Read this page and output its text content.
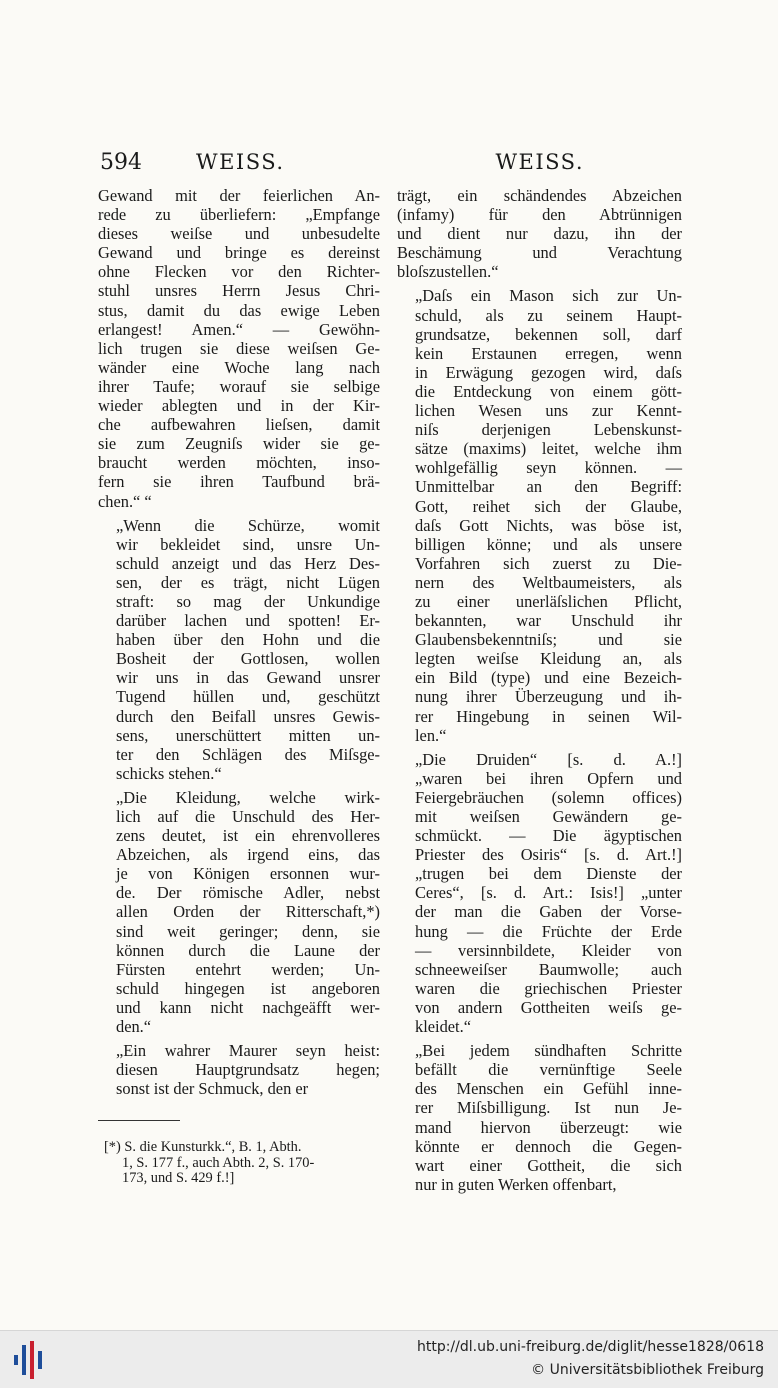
594	WEISS.	WEISS.

Gewand mit der feierlichen An-
rede zu überliefern: „Empfange
dieses weiſse und unbesudelte
Gewand und bringe es dereinst
ohne Flecken vor den Richter-
stuhl unsres Herrn Jesus Chri-
stus, damit du das ewige Leben
erlangest! Amen.“ — Gewöhn-
lich trugen sie diese weiſsen Ge-
wänder eine Woche lang nach
ihrer Taufe; worauf sie selbige
wieder ablegten und in der Kir-
che aufbewahren lieſsen, damit
sie zum Zeugniſs wider sie ge-
braucht werden möchten, inso-
fern sie ihren Taufbund brä-
chen.“ “

„Wenn die Schürze, womit
wir bekleidet sind, unsre Un-
schuld anzeigt und das Herz Des-
sen, der es trägt, nicht Lügen
straft: so mag der Unkundige
darüber lachen und spotten! Er-
haben über den Hohn und die
Bosheit der Gottlosen, wollen
wir uns in das Gewand unsrer
Tugend hüllen und, geschützt
durch den Beifall unsres Gewis-
sens, unerschüttert mitten un-
ter den Schlägen des Miſsge-
schicks stehen.“

„Die Kleidung, welche wirk-
lich auf die Unschuld des Her-
zens deutet, ist ein ehrenvolleres
Abzeichen, als irgend eins, das
je von Königen ersonnen wur-
de. Der römische Adler, nebst
allen Orden der Ritterschaft,*)
sind weit geringer; denn, sie
können durch die Laune der
Fürsten entehrt werden; Un-
schuld hingegen ist angeboren
und kann nicht nachgeäfft wer-
den.“

„Ein wahrer Maurer seyn heist:
diesen Hauptgrundsatz hegen;
sonst ist der Schmuck, den er

trägt, ein schändendes Abzeichen
(infamy) für den Abtrünnigen
und dient nur dazu, ihn der
Beschämung und Verachtung
bloſszustellen.“

„Daſs ein Mason sich zur Un-
schuld, als zu seinem Haupt-
grundsatze, bekennen soll, darf
kein Erstaunen erregen, wenn
in Erwägung gezogen wird, daſs
die Entdeckung von einem gött-
lichen Wesen uns zur Kennt-
niſs derjenigen Lebenskunst-
sätze (maxims) leitet, welche ihm
wohlgefällig seyn können. —
Unmittelbar an den Begriff:
Gott, reihet sich der Glaube,
daſs Gott Nichts, was böse ist,
billigen könne; und als unsere
Vorfahren sich zuerst zu Die-
nern des Weltbaumeisters, als
zu einer unerläſslichen Pflicht,
bekannten, war Unschuld ihr
Glaubensbekenntniſs; und sie
legten weiſse Kleidung an, als
ein Bild (type) und eine Bezeich-
nung ihrer Überzeugung und ih-
rer Hingebung in seinen Wil-
len.“

„Die Druiden“ [s. d. A.!]
„waren bei ihren Opfern und
Feiergebräuchen (solemn offices)
mit weiſsen Gewändern ge-
schmückt. — Die ägyptischen
Priester des Osiris“ [s. d. Art.!]
„trugen bei dem Dienste der
Ceres“, [s. d. Art.: Isis!] „unter
der man die Gaben der Vorse-
hung — die Früchte der Erde
— versinnbildete, Kleider von
schneeweiſser Baumwolle; auch
waren die griechischen Priester
von andern Gottheiten weiſs ge-
kleidet.“

„Bei jedem sündhaften Schritte
befällt die vernünftige Seele
des Menschen ein Gefühl inne-
rer Miſsbilligung. Ist nun Je-
mand hiervon überzeugt: wie
könnte er dennoch die Gegen-
wart einer Gottheit, die sich
nur in guten Werken offenbart,

[*) S. die Kunsturkk.“, B. 1, Abth.
1, S. 177 f., auch Abth. 2, S. 170-
173, und S. 429 f.!]
http://dl.ub.uni-freiburg.de/diglit/hesse1828/0618
© Universitätsbibliothek Freiburg
